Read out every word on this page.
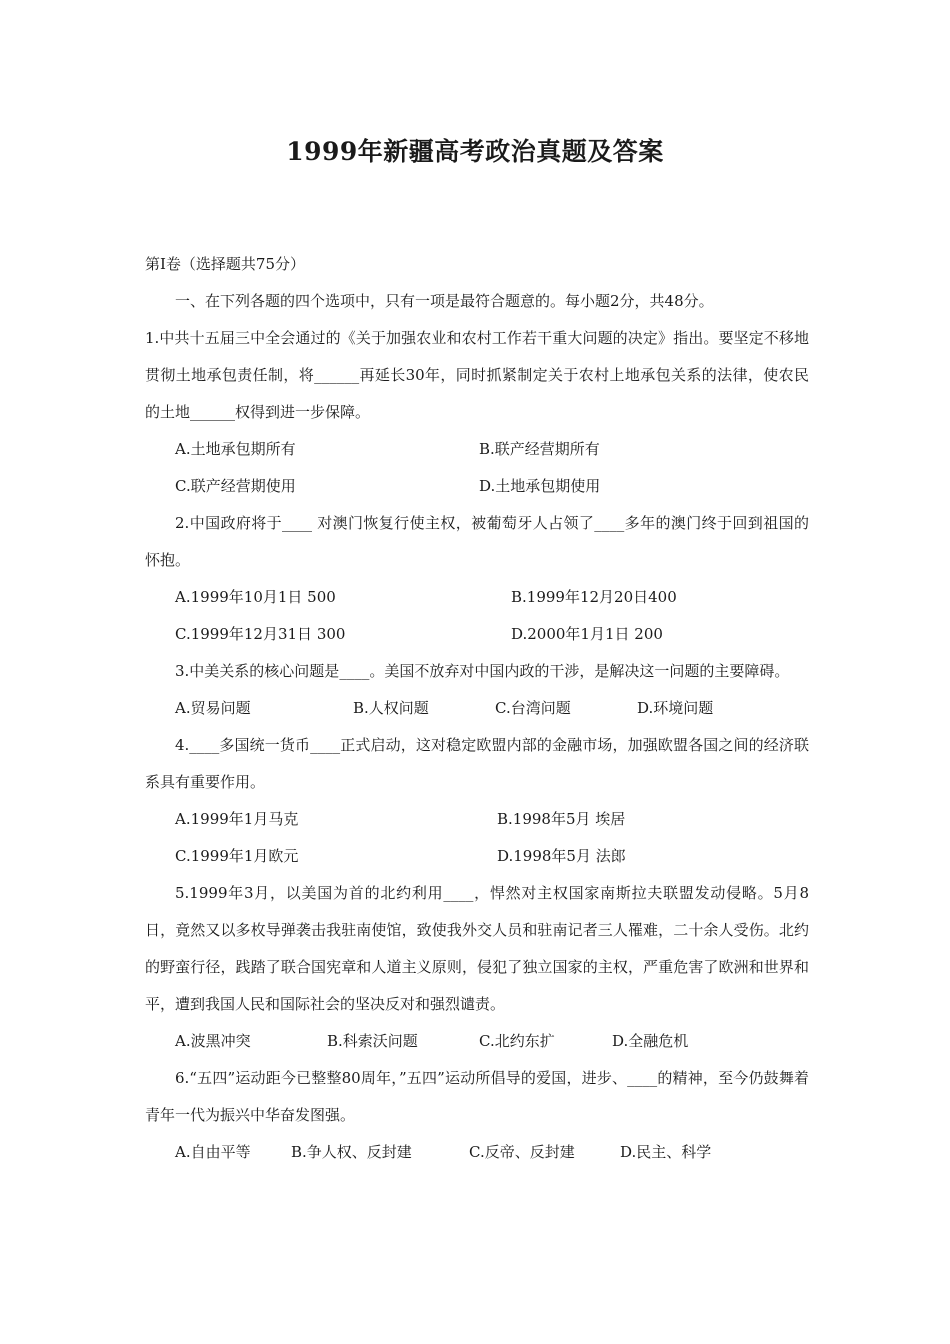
1999年新疆高考政治真题及答案

第Ⅰ卷（选择题共75分）

一、在下列各题的四个选项中，只有一项是最符合题意的。每小题2分，共48分。

1.中共十五届三中全会通过的《关于加强农业和农村工作若干重大问题的决定》指出。要坚定不移地贯彻土地承包责任制，将______再延长30年，同时抓紧制定关于农村上地承包关系的法律，使农民的土地______权得到进一步保障。

A.土地承包期所有	B.联产经营期所有
C.联产经营期使用	D.土地承包期使用

2.中国政府将于____ 对澳门恢复行使主权，被葡萄牙人占领了____多年的澳门终于回到祖国的怀抱。

A.1999年10月1日 500	B.1999年12月20日400
C.1999年12月31日 300	D.2000年1月1日 200

3.中美关系的核心问题是____。美国不放弃对中国内政的干涉，是解决这一问题的主要障碍。

A.贸易问题	B.人权问题	C.台湾问题	D.环境问题

4.____多国统一货币____正式启动，这对稳定欧盟内部的金融市场，加强欧盟各国之间的经济联系具有重要作用。

A.1999年1月马克	B.1998年5月 埃居
C.1999年1月欧元	D.1998年5月 法郎

5.1999年3月，以美国为首的北约利用____，悍然对主权国家南斯拉夫联盟发动侵略。5月8日，竟然又以多枚导弹袭击我驻南使馆，致使我外交人员和驻南记者三人罹难，二十余人受伤。北约的野蛮行径，践踏了联合国宪章和人道主义原则，侵犯了独立国家的主权，严重危害了欧洲和世界和平，遭到我国人民和国际社会的坚决反对和强烈谴责。

A.波黑冲突	B.科索沃问题	C.北约东扩	D.全融危机

6.“五四”运动距今已整整80周年，”五四”运动所倡导的爱国，进步、____的精神，至今仍鼓舞着青年一代为振兴中华奋发图强。

A.自由平等	B.争人权、反封建	C.反帝、反封建	D.民主、科学
